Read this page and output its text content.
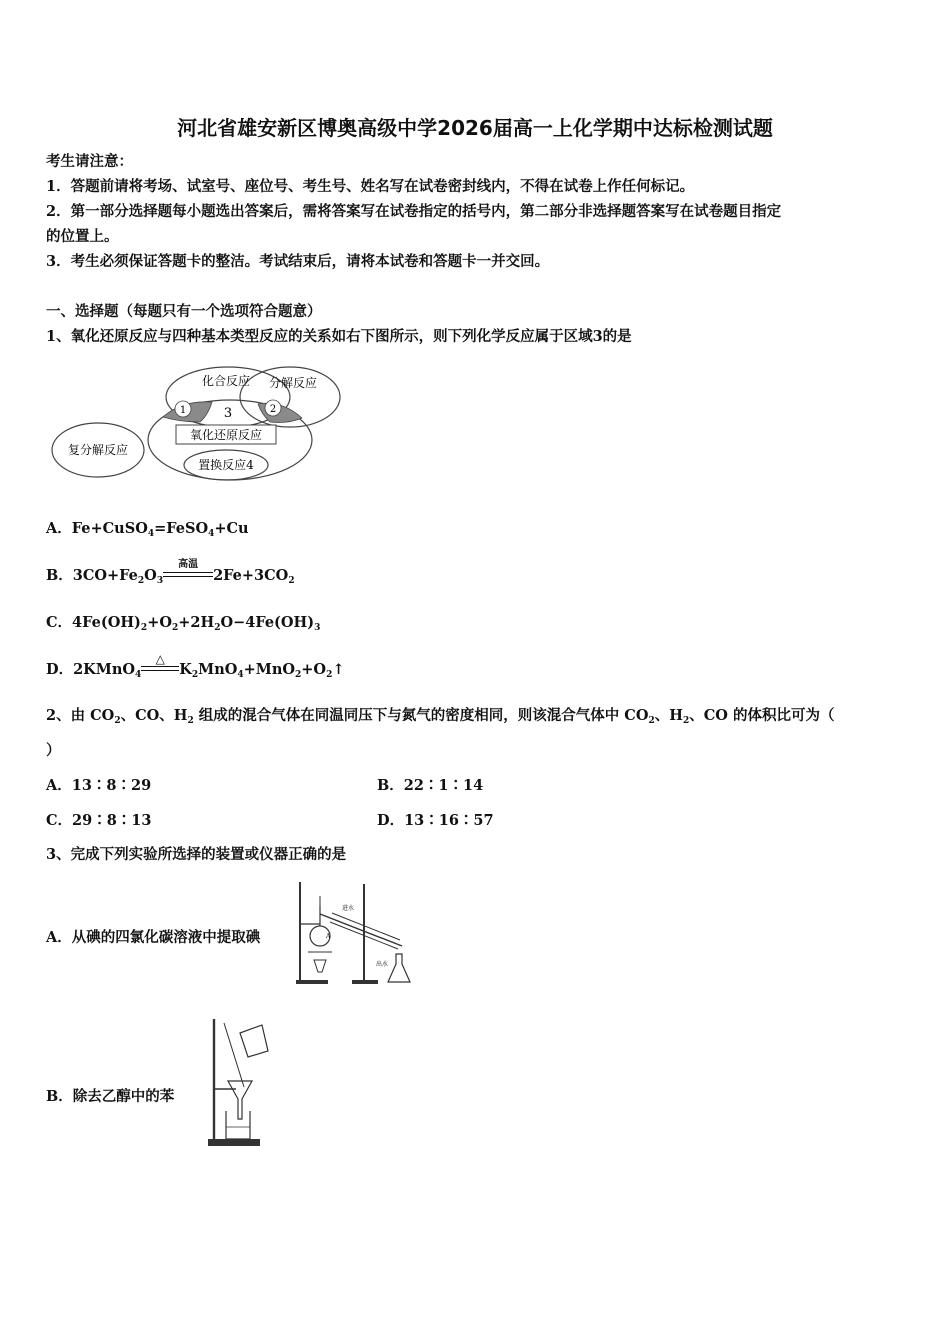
河北省雄安新区博奥高级中学2026届高一上化学期中达标检测试题
考生请注意：
1．答题前请将考场、试室号、座位号、考生号、姓名写在试卷密封线内，不得在试卷上作任何标记。
2．第一部分选择题每小题选出答案后，需将答案写在试卷指定的括号内，第二部分非选择题答案写在试卷题目指定
的位置上。
3．考生必须保证答题卡的整洁。考试结束后，请将本试卷和答题卡一并交回。
一、选择题（每题只有一个选项符合题意）
1、氧化还原反应与四种基本类型反应的关系如右下图所示，则下列化学反应属于区域3的是
1	2
3
化合反应 分解反应
氧化还原反应
复分解反应
置换反应4
A．Fe+CuSO$_4$=FeSO$_4$+Cu
B．$3CO+Fe_2O_3$
高温
$2Fe+3CO_2$
C．$4Fe(OH)_2+O_2+2H_2O-4Fe(OH)_3$
D．2KMnO$_4$
△
$K_2MnO_4+MnO_2+O_2↑$
2、由 $CO_2$、CO、$H_2$ 组成的混合气体在同温同压下与氮气的密度相同，则该混合气体中 $CO_2$、$H_2$、CO 的体积比可为（
）
A．13∶8∶29	B．22∶1∶14
C．29∶8∶13	D．13∶16∶57
3、完成下列实验所选择的装置或仪器正确的是
A．从碘的四氯化碳溶液中提取碘	A
进水
出水
B．除去乙醇中的苯
